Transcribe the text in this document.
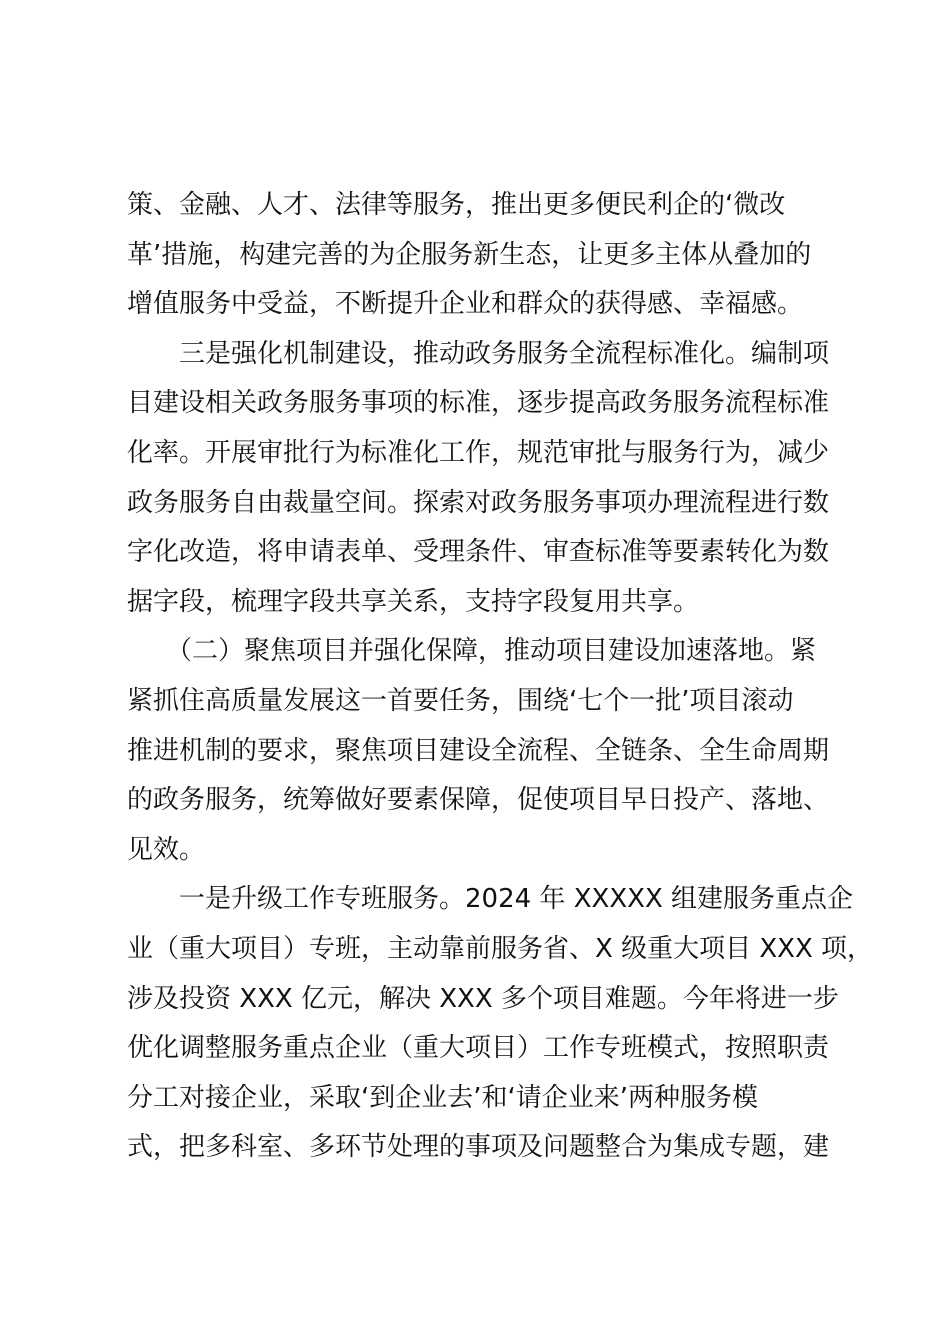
策、金融、人才、法律等服务，推出更多便民利企的‘微改
革’措施，构建完善的为企服务新生态，让更多主体从叠加的
增值服务中受益，不断提升企业和群众的获得感、幸福感。
　　三是强化机制建设，推动政务服务全流程标准化。编制项
目建设相关政务服务事项的标准，逐步提高政务服务流程标准
化率。开展审批行为标准化工作，规范审批与服务行为，减少
政务服务自由裁量空间。探索对政务服务事项办理流程进行数
字化改造，将申请表单、受理条件、审查标准等要素转化为数
据字段，梳理字段共享关系，支持字段复用共享。
　　（二）聚焦项目并强化保障，推动项目建设加速落地。紧
紧抓住高质量发展这一首要任务，围绕‘七个一批’项目滚动
推进机制的要求，聚焦项目建设全流程、全链条、全生命周期
的政务服务，统筹做好要素保障，促使项目早日投产、落地、
见效。
　　一是升级工作专班服务。2024 年 XXXXX 组建服务重点企
业（重大项目）专班，主动靠前服务省、X 级重大项目 XXX 项，
涉及投资 XXX 亿元，解决 XXX 多个项目难题。今年将进一步
优化调整服务重点企业（重大项目）工作专班模式，按照职责
分工对接企业，采取‘到企业去’和‘请企业来’两种服务模
式，把多科室、多环节处理的事项及问题整合为集成专题，建
